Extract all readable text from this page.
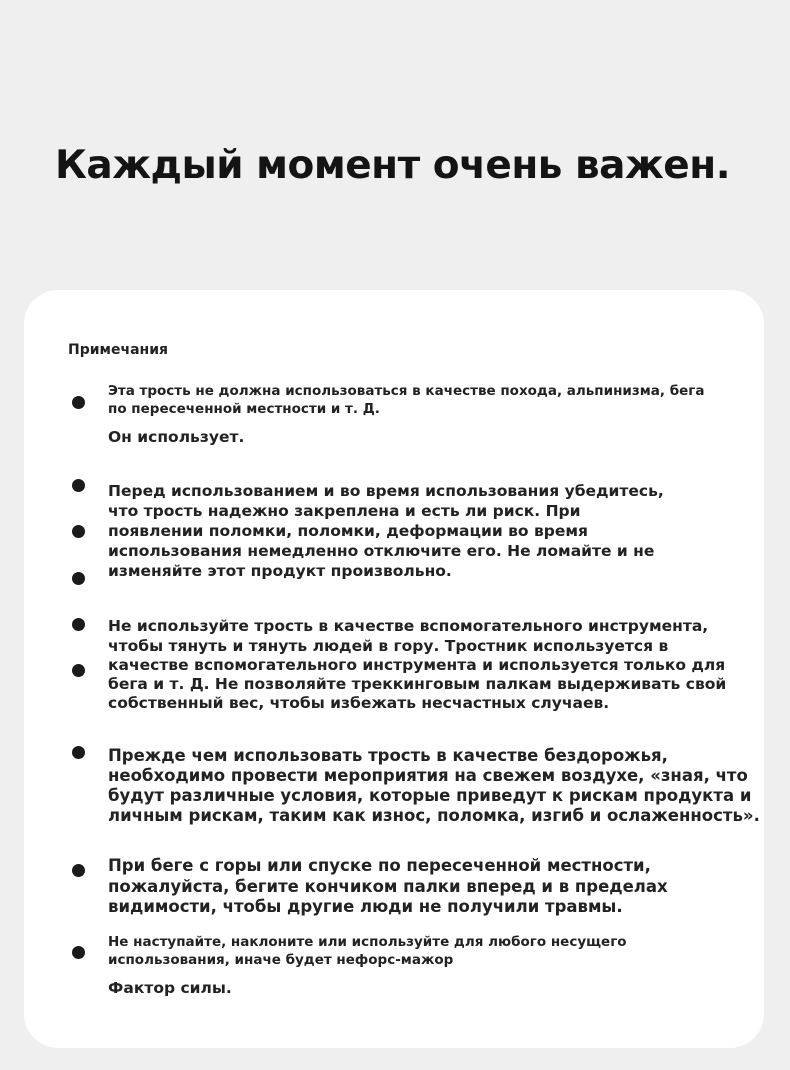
Каждый момент очень важен.
Примечания
Эта трость не должна использоваться в качестве похода, альпинизма, бега
по пересеченной местности и т. Д.
Он использует.
Перед использованием и во время использования убедитесь,
что трость надежно закреплена и есть ли риск. При
появлении поломки, поломки, деформации во время
использования немедленно отключите его. Не ломайте и не
изменяйте этот продукт произвольно.
Не используйте трость в качестве вспомогательного инструмента,
чтобы тянуть и тянуть людей в гору. Тростник используется в
качестве вспомогательного инструмента и используется только для
бега и т. Д. Не позволяйте треккинговым палкам выдерживать свой
собственный вес, чтобы избежать несчастных случаев.
Прежде чем использовать трость в качестве бездорожья,
необходимо провести мероприятия на свежем воздухе, «зная, что
будут различные условия, которые приведут к рискам продукта и
личным рискам, таким как износ, поломка, изгиб и ослаженность».
При беге с горы или спуске по пересеченной местности,
пожалуйста, бегите кончиком палки вперед и в пределах
видимости, чтобы другие люди не получили травмы.
Не наступайте, наклоните или используйте для любого несущего
использования, иначе будет нефорс-мажор
Фактор силы.
